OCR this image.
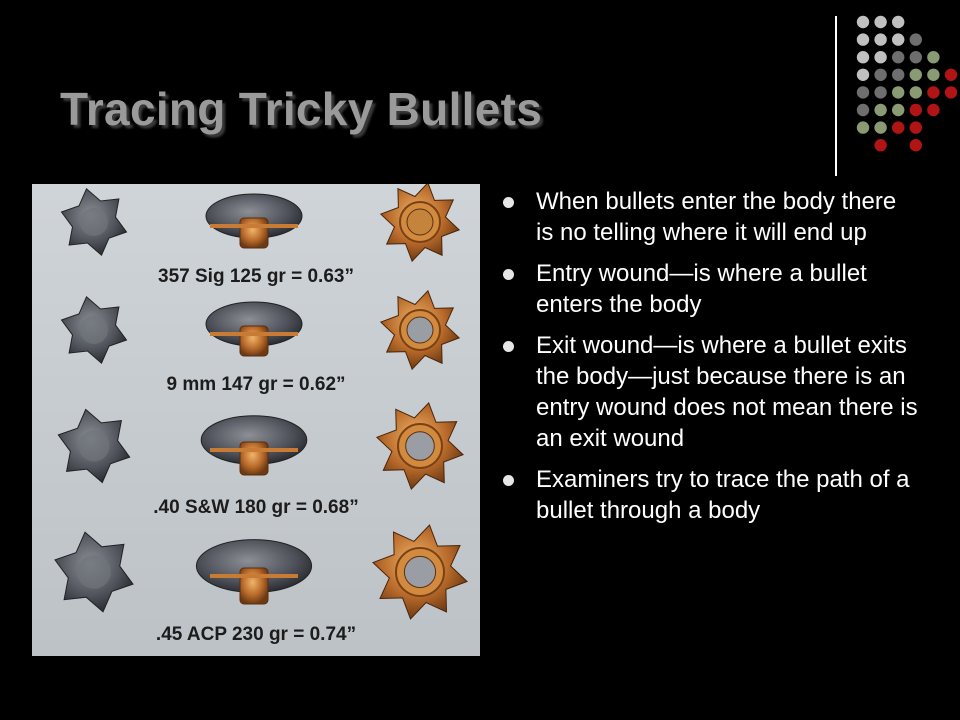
Tracing Tricky Bullets
357 Sig 125 gr = 0.63”
9 mm 147 gr = 0.62”
.40 S&W 180 gr = 0.68”
.45 ACP 230 gr = 0.74”
When bullets enter the body there is no telling where it will end up
Entry wound—is where a bullet enters the body
Exit wound—is where a bullet exits the body—just because there is an entry wound does not mean there is an exit wound
Examiners try to trace the path of a bullet through a body
